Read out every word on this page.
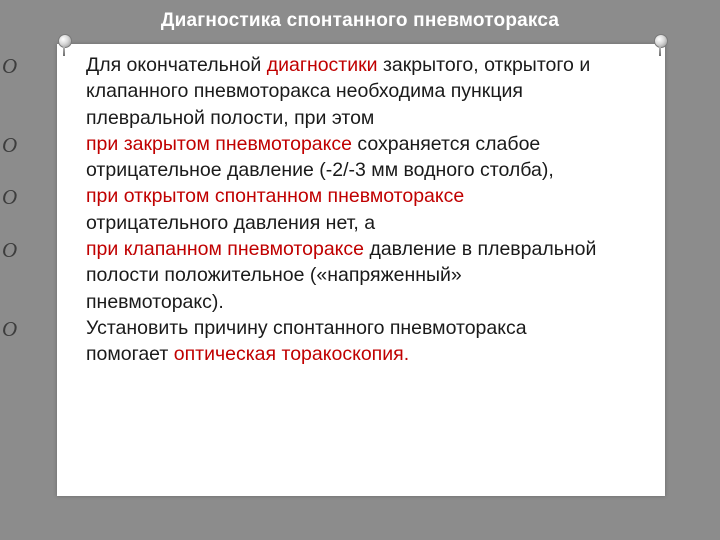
Диагностика спонтанного пневмоторакса
O	Для окончательной диагностики закрытого, открытого и клапанного пневмоторакса необходима пункция плевральной полости, при этом
O	при закрытом пневмотораксе сохраняется слабое отрицательное давление (-2/-3 мм водного столба),
O	при открытом спонтанном пневмотораксе отрицательного давления нет, а
O	при клапанном пневмотораксе давление в плевральной полости положительное («напряженный» пневмоторакс).
O	Установить причину спонтанного пневмоторакса помогает оптическая торакоскопия.
